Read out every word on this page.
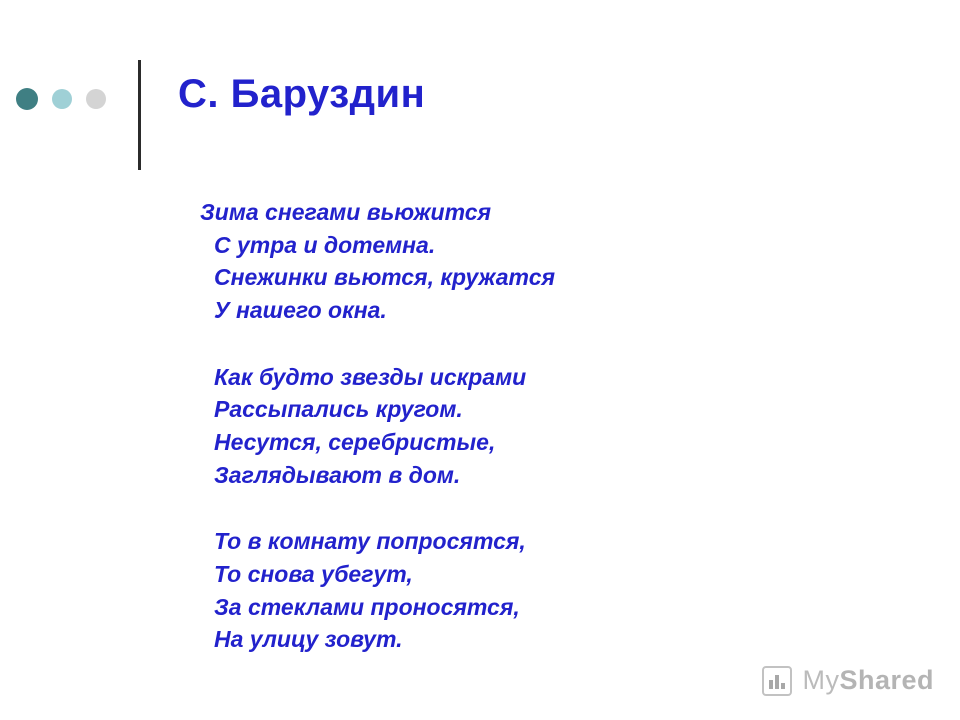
С. Баруздин
Зима снегами вьюжится
С утра и дотемна.
Снежинки вьются, кружатся
У нашего окна.
Как будто звезды искрами
Рассыпались кругом.
Несутся, серебристые,
Заглядывают в дом.
То в комнату попросятся,
То снова убегут,
За стеклами проносятся,
На улицу зовут.
MyShared
